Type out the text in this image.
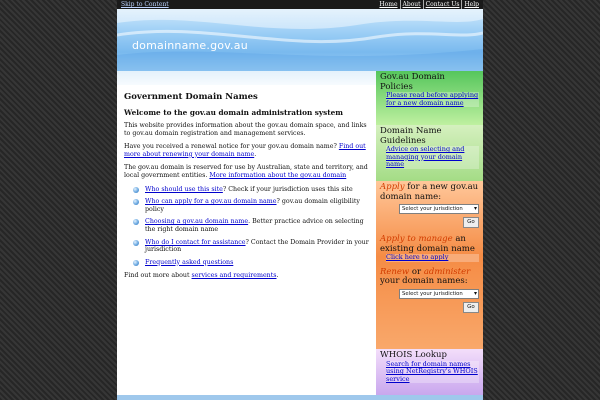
Skip to Content	Home About Contact Us Help
domainname.gov.au
Government Domain Names
Welcome to the gov.au domain administration system

This website provides information about the gov.au domain space, and links to gov.au domain registration and management services.

Have you received a renewal notice for your gov.au domain name? Find out more about renewing your domain name.

The gov.au domain is reserved for use by Australian, state and territory, and local government entities. More information about the gov.au domain

Who should use this site? Check if your jurisdiction uses this site
Who can apply for a gov.au domain name? gov.au domain eligibility policy
Choosing a gov.au domain name. Better practice advice on selecting the right domain name
Who do I contact for assistance? Contact the Domain Provider in your jurisdiction
Frequently asked questions

Find out more about services and requirements.

Gov.au Domain Policies
Please read before applying for a new domain name
Domain Name Guidelines
Advice on selecting and managing your domain name
Apply for a new gov.au domain name:
Select your jurisdiction ▾
Go
Apply to manage an existing domain name
Click here to apply
Renew or administer your domain names:
Select your jurisdiction ▾
Go
WHOIS Lookup
Search for domain names using NetRegistry's WHOIS service
